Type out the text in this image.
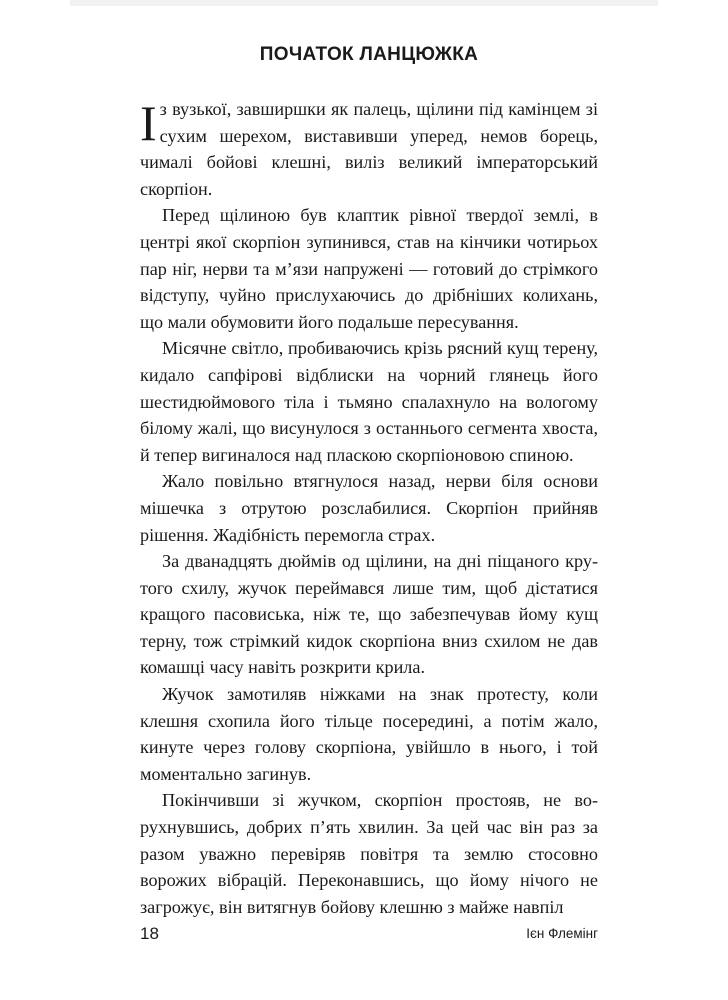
ПОЧАТОК ЛАНЦЮЖКА

Із вузької, завширшки як палець, щілини під камінцем зі сухим шерехом, виставивши уперед, немов борець, чималі бойові клешні, виліз великий імператорський скорпіон.

Перед щілиною був клаптик рівної твердої землі, в центрі якої скорпіон зупинився, став на кінчики чотирьох пар ніг, нерви та м’язи напружені — готовий до стрімкого відступу, чуйно прислухаючись до дрібніших колихань, що мали обумовити його подальше пересування.

Місячне світло, пробиваючись крізь рясний кущ терену, кидало сапфірові відблиски на чорний глянець його шестидюймового тіла і тьмяно спалахнуло на вологому білому жалі, що висунулося з останнього сегмента хвоста, й тепер вигиналося над пласкою скорпіоновою спиною.

Жало повільно втягнулося назад, нерви біля основи мішечка з отрутою розслабилися. Скорпіон прийняв рішення. Жадібність перемогла страх.

За дванадцять дюймів од щілини, на дні піщаного крутого схилу, жучок переймався лише тим, щоб дістатися кращого пасовиська, ніж те, що забезпечував йому кущ терну, тож стрімкий кидок скорпіона вниз схилом не дав комашці часу навіть розкрити крила.

Жучок замотиляв ніжками на знак протесту, коли клешня схопила його тільце посередині, а потім жало, кинуте через голову скорпіона, увійшло в нього, і той моментально загинув.

Покінчивши зі жучком, скорпіон простояв, не ворухнувшись, добрих п’ять хвилин. За цей час він раз за разом уважно перевіряв повітря та землю стосовно ворожих вібрацій. Переконавшись, що йому нічого не загрожує, він витягнув бойову клешню з майже навпіл

18	Ієн Флемінг
